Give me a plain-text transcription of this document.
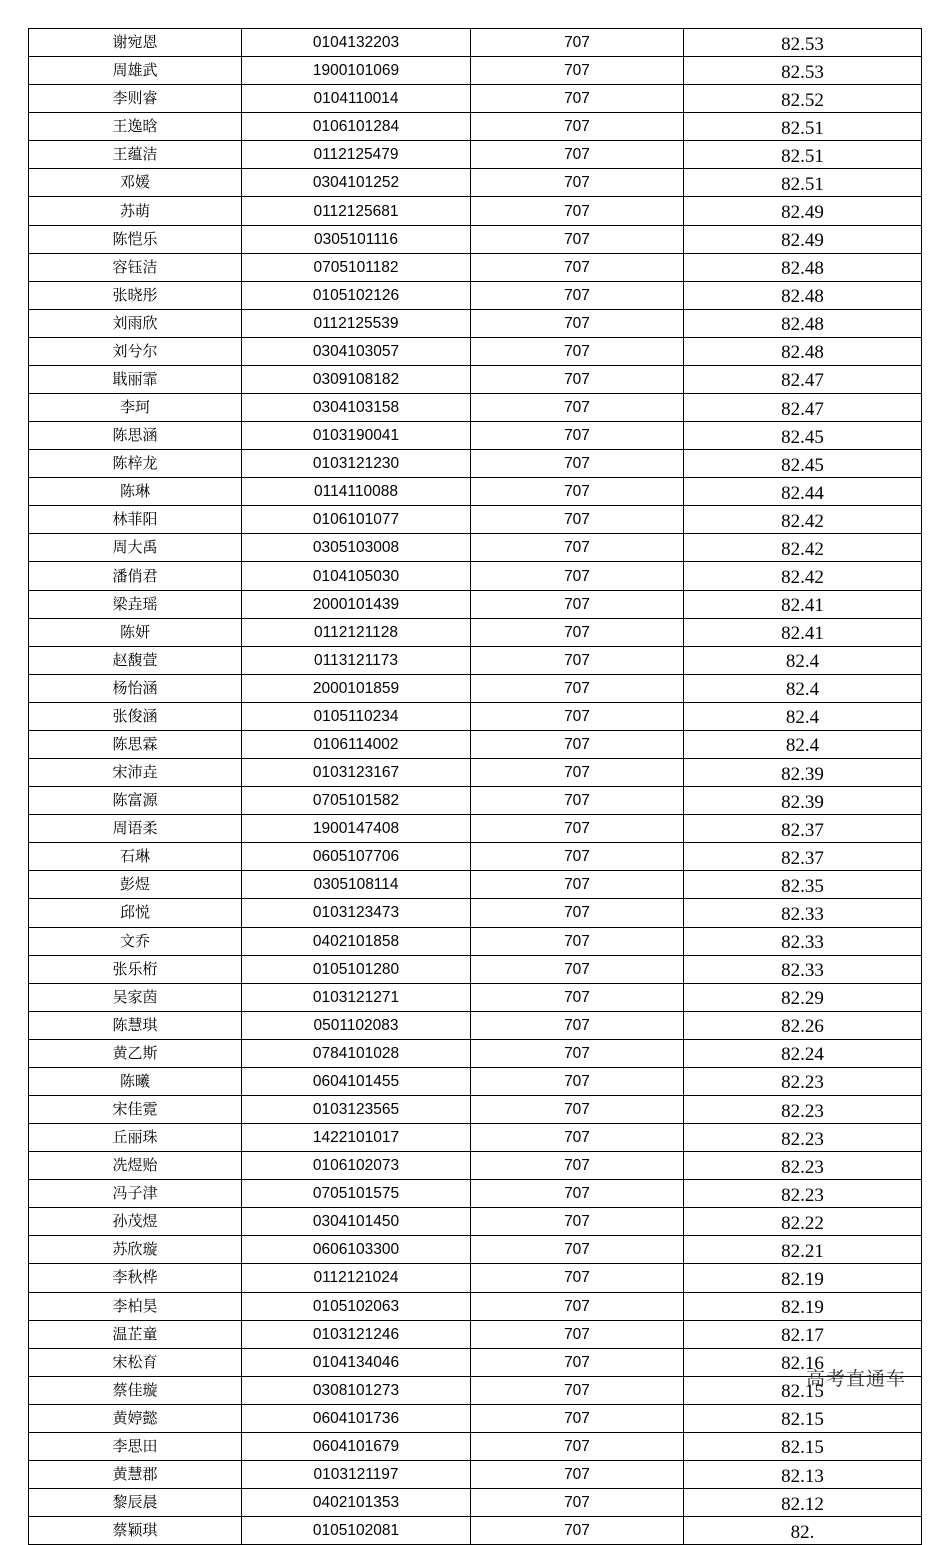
谢宛恩	0104132203	707	82.53
周雄武	1900101069	707	82.53
李则睿	0104110014	707	82.52
王逸晗	0106101284	707	82.51
王蕴洁	0112125479	707	82.51
邓媛	0304101252	707	82.51
苏萌	0112125681	707	82.49
陈恺乐	0305101116	707	82.49
容钰洁	0705101182	707	82.48
张晓彤	0105102126	707	82.48
刘雨欣	0112125539	707	82.48
刘兮尔	0304103057	707	82.48
戢丽霏	0309108182	707	82.47
李珂	0304103158	707	82.47
陈思涵	0103190041	707	82.45
陈梓龙	0103121230	707	82.45
陈琳	0114110088	707	82.44
林菲阳	0106101077	707	82.42
周大禹	0305103008	707	82.42
潘俏君	0104105030	707	82.42
梁垚瑶	2000101439	707	82.41
陈妍	0112121128	707	82.41
赵馥萱	0113121173	707	82.4
杨怡涵	2000101859	707	82.4
张俊涵	0105110234	707	82.4
陈思霖	0106114002	707	82.4
宋沛垚	0103123167	707	82.39
陈富源	0705101582	707	82.39
周语柔	1900147408	707	82.37
石琳	0605107706	707	82.37
彭煜	0305108114	707	82.35
邱悦	0103123473	707	82.33
文乔	0402101858	707	82.33
张乐桁	0105101280	707	82.33
吴家茵	0103121271	707	82.29
陈慧琪	0501102083	707	82.26
黄乙斯	0784101028	707	82.24
陈曦	0604101455	707	82.23
宋佳霓	0103123565	707	82.23
丘丽珠	1422101017	707	82.23
冼煜贻	0106102073	707	82.23
冯子津	0705101575	707	82.23
孙茂煜	0304101450	707	82.22
苏欣璇	0606103300	707	82.21
李秋桦	0112121024	707	82.19
李柏昊	0105102063	707	82.19
温芷童	0103121246	707	82.17
宋松育	0104134046	707	82.16
蔡佳璇	0308101273	707	82.15
黄婷懿	0604101736	707	82.15
李思田	0604101679	707	82.15
黄慧郡	0103121197	707	82.13
黎辰晨	0402101353	707	82.12
蔡颖琪	0105102081	707	82.
高考直通车
